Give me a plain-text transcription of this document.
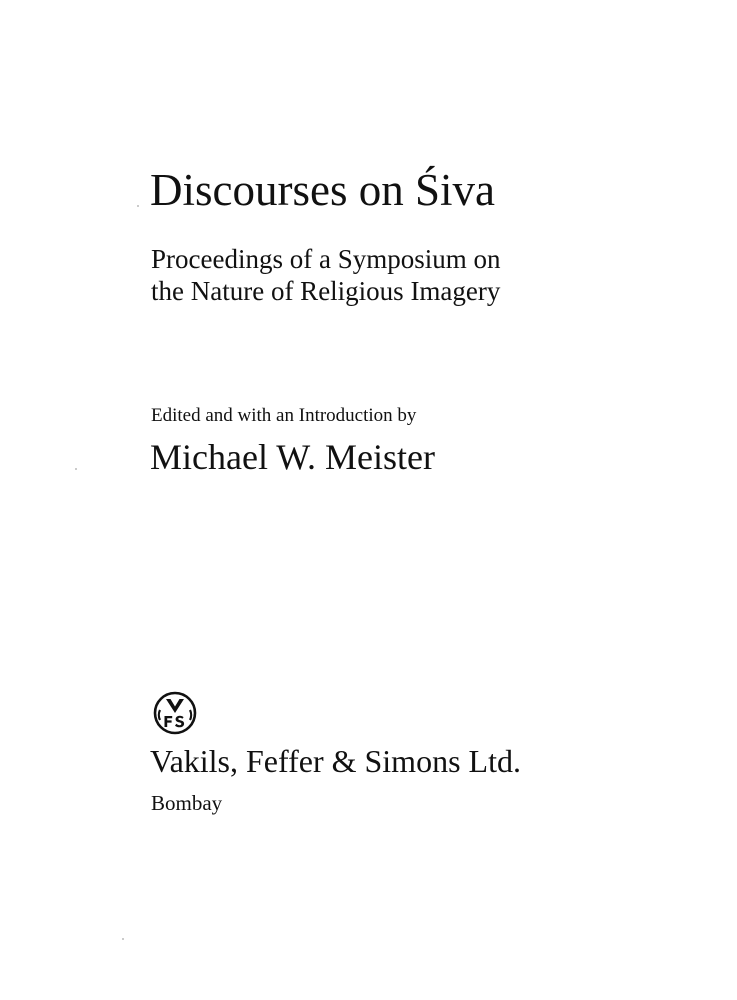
Discourses on Śiva
Proceedings of a Symposium on
the Nature of Religious Imagery
Edited and with an Introduction by
Michael W. Meister
Vakils, Feffer & Simons Ltd.
Bombay
